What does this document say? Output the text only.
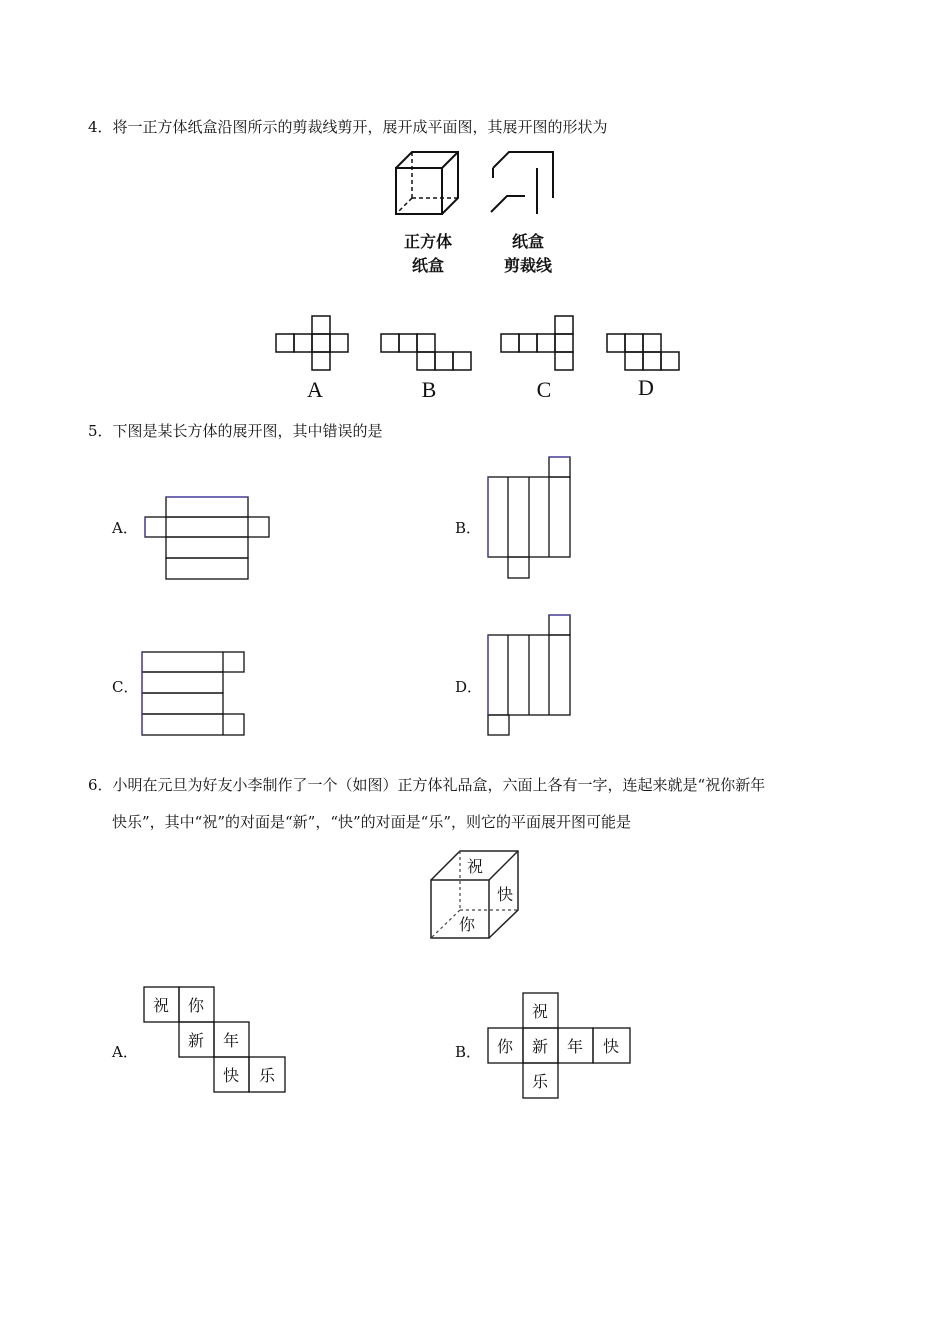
4．将一正方体纸盒沿图所示的剪裁线剪开，展开成平面图，其展开图的形状为
正方体
纸盒
纸盒
剪裁线
A	B	C	D
5．下图是某长方体的展开图，其中错误的是
A．	B．
C．	D．
6．小明在元旦为好友小李制作了一个（如图）正方体礼品盒，六面上各有一字，连起来就是“祝你新年
快乐”，其中“祝”的对面是“新”，“快”的对面是“乐”，则它的平面展开图可能是
祝
快
你
A．
祝	你
新	年
快	乐
B．
祝
你	新	年	快
乐
